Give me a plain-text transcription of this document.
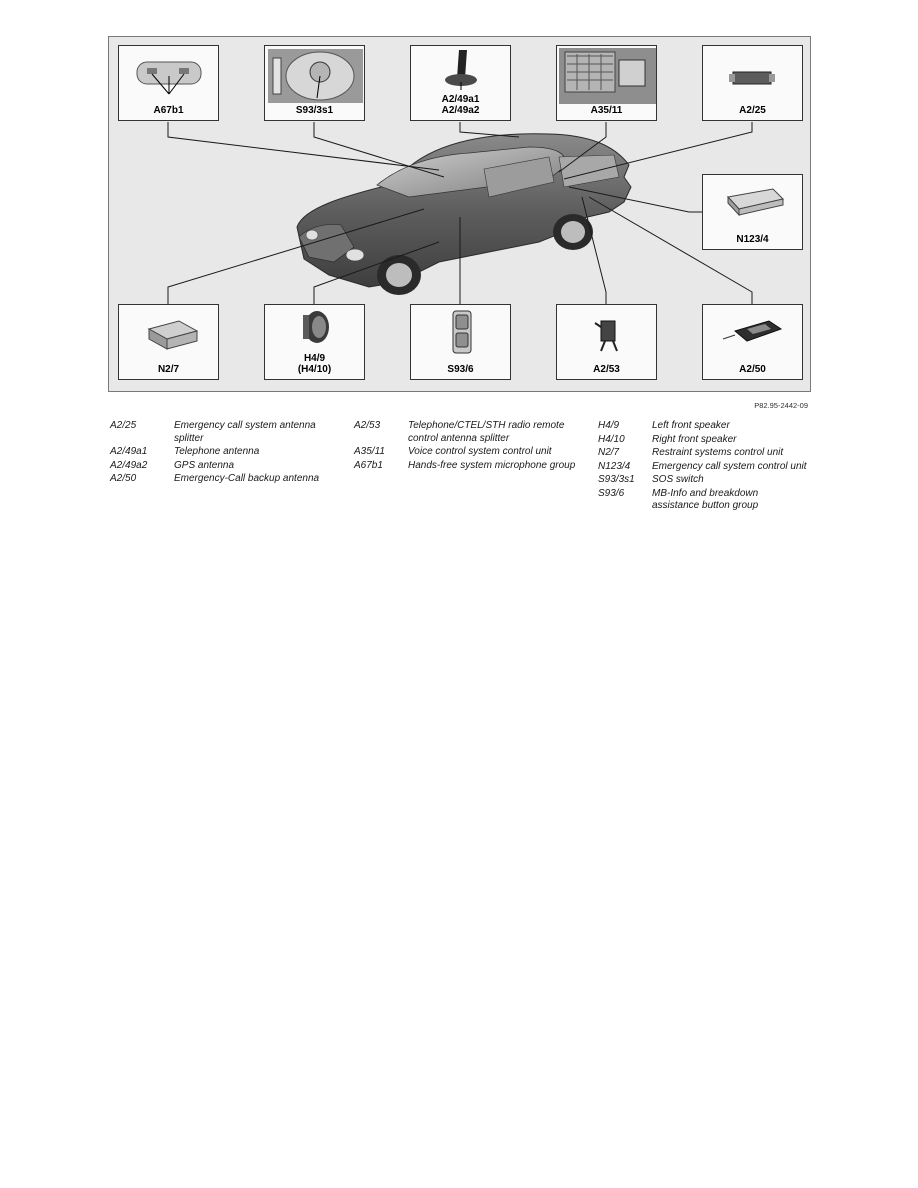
A67b1	S93/3s1
A2/49a1
A2/49a2	A35/11	A2/25
N123/4
N2/7
H4/9
(H4/10)	S93/6	A2/53	A2/50
P82.95-2442-09
A2/25	Emergency call system antenna splitter
A2/49a1	Telephone antenna
A2/49a2	GPS antenna
A2/50	Emergency-Call backup antenna
A2/53	Telephone/CTEL/STH radio remote control antenna splitter
A35/11	Voice control system control unit
A67b1	Hands-free system microphone group
H4/9	Left front speaker
H4/10	Right front speaker
N2/7	Restraint systems control unit
N123/4	Emergency call system control unit
S93/3s1	SOS switch
S93/6	MB-Info and breakdown assistance button group
